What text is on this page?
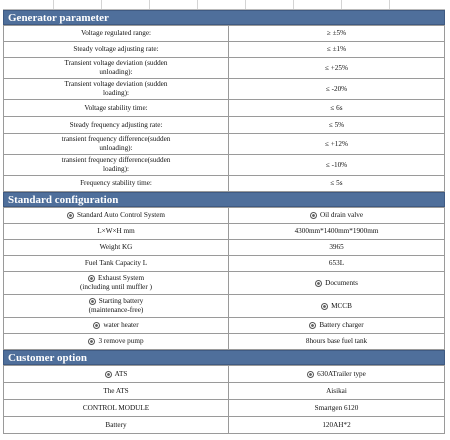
Generator parameter
Voltage regulated range:	≥ ±5%
Steady voltage adjusting rate:	≤ ±1%

Transient voltage deviation (sudden
unloading):	≤ +25%

Transient voltage deviation (sudden
loading):	≤ -20%
Voltage stability time:	≤ 6s
Steady frequency adjusting rate:	≤ 5%

transient frequency difference(sudden
unloading):	≤ +12%

transient frequency difference(sudden
loading):	≤ -10%
Frequency stability time:	≤ 5s
Standard configuration
Standard Auto Control System	Oil drain valve
L×W×H mm	4300mm*1400mm*1900mm
Weight KG	3965
Fuel Tank Capacity L	653L

Exhaust System
(including until muffler )	Documents

Starting battery
(maintenance-free)	MCCB
water heater	Battery charger
3 remove pump	8hours base fuel tank
Customer option
ATS	630ATrailer type
The ATS	Aisikai
CONTROL MODULE	Smartgen 6120
Battery	120AH*2
